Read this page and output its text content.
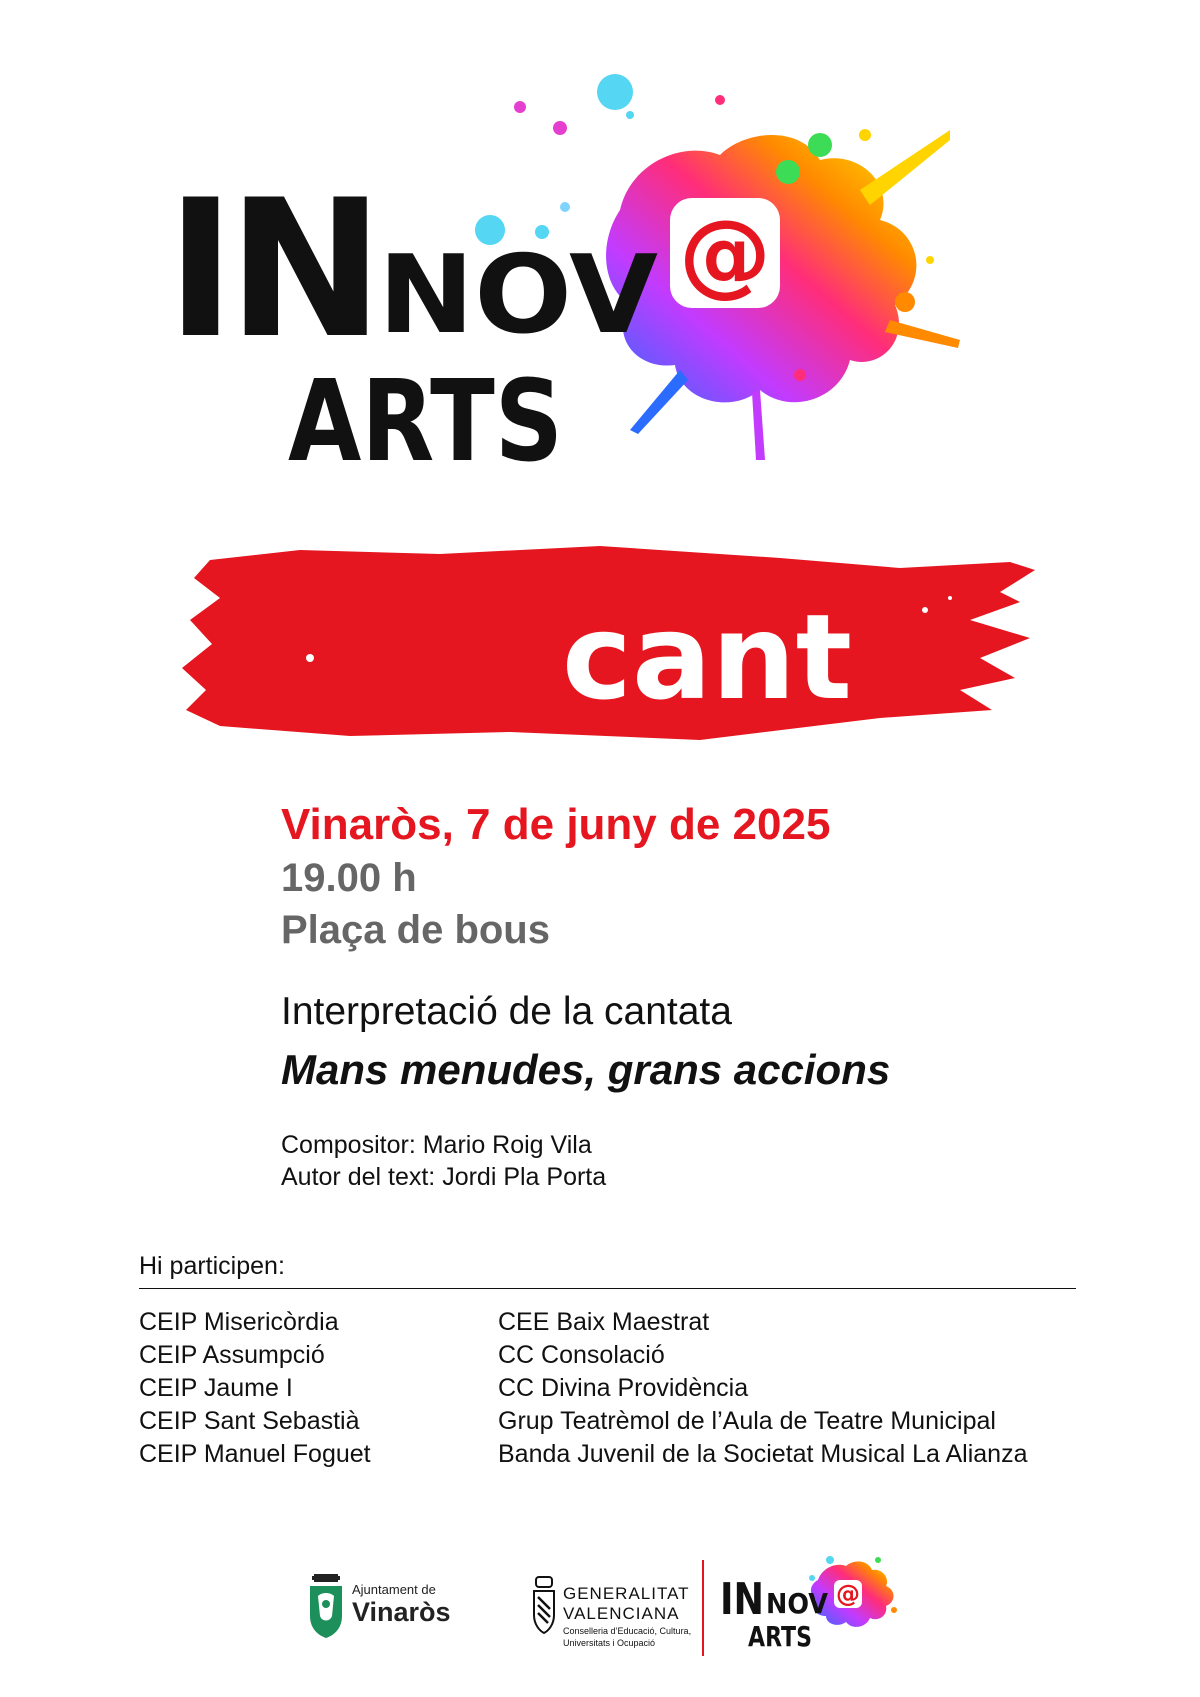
@
IN NOV
ARTS
cant
Vinaròs, 7 de juny de 2025
19.00 h
Plaça de bous
Interpretació de la cantata
Mans menudes, grans accions
Compositor: Mario Roig Vila
Autor del text: Jordi Pla Porta
Hi participen:
CEIP Misericòrdia
CEIP Assumpció
CEIP Jaume I
CEIP Sant Sebastià
CEIP Manuel Foguet
CEE Baix Maestrat
CC Consolació
CC Divina Providència
Grup Teatrèmol de l’Aula de Teatre Municipal
Banda Juvenil de la Societat Musical La Alianza
Ajuntament de
Vinaròs
GENERALITAT
VALENCIANA
Conselleria d’Educació, Cultura,
Universitats i Ocupació
@
IN NOV
ARTS
